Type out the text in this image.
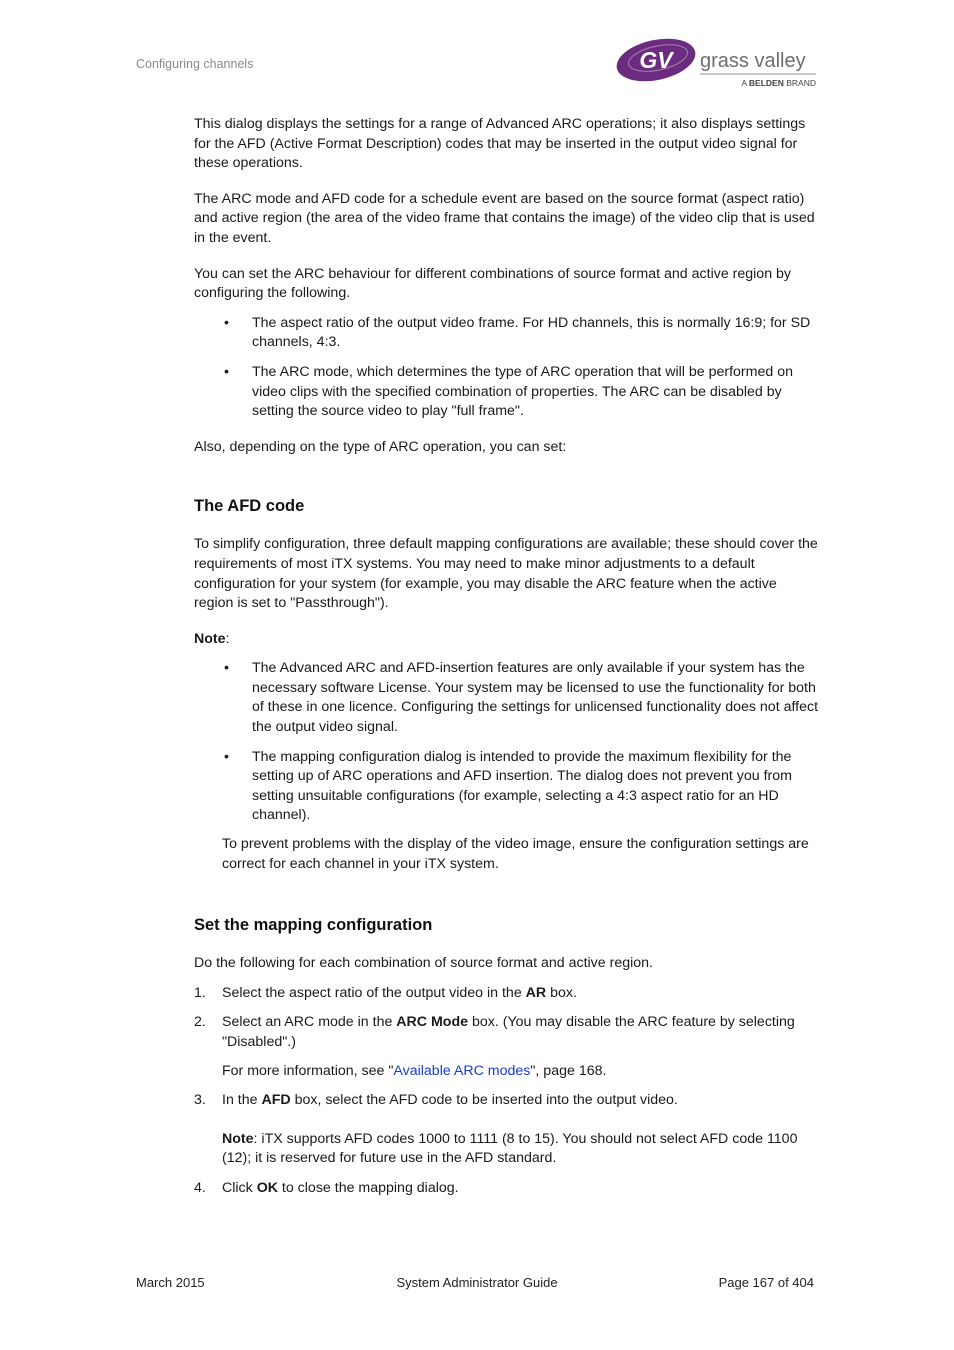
Configuring channels	GV grass valley
A BELDEN BRAND

This dialog displays the settings for a range of Advanced ARC operations; it also displays settings for the AFD (Active Format Description) codes that may be inserted in the output video signal for these operations.

The ARC mode and AFD code for a schedule event are based on the source format (aspect ratio) and active region (the area of the video frame that contains the image) of the video clip that is used in the event.

You can set the ARC behaviour for different combinations of source format and active region by configuring the following.

• The aspect ratio of the output video frame. For HD channels, this is normally 16:9; for SD channels, 4:3.
• The ARC mode, which determines the type of ARC operation that will be performed on video clips with the specified combination of properties. The ARC can be disabled by setting the source video to play "full frame".

Also, depending on the type of ARC operation, you can set:

The AFD code

To simplify configuration, three default mapping configurations are available; these should cover the requirements of most iTX systems. You may need to make minor adjustments to a default configuration for your system (for example, you may disable the ARC feature when the active region is set to "Passthrough").

Note:

• The Advanced ARC and AFD-insertion features are only available if your system has the necessary software License. Your system may be licensed to use the functionality for both of these in one licence. Configuring the settings for unlicensed functionality does not affect the output video signal.
• The mapping configuration dialog is intended to provide the maximum flexibility for the setting up of ARC operations and AFD insertion. The dialog does not prevent you from setting unsuitable configurations (for example, selecting a 4:3 aspect ratio for an HD channel).

To prevent problems with the display of the video image, ensure the configuration settings are correct for each channel in your iTX system.

Set the mapping configuration

Do the following for each combination of source format and active region.

1. Select the aspect ratio of the output video in the AR box.
2. Select an ARC mode in the ARC Mode box. (You may disable the ARC feature by selecting "Disabled".)

For more information, see "Available ARC modes", page 168.

3. In the AFD box, select the AFD code to be inserted into the output video.

Note: iTX supports AFD codes 1000 to 1111 (8 to 15). You should not select AFD code 1100 (12); it is reserved for future use in the AFD standard.

4. Click OK to close the mapping dialog.
March 2015	System Administrator Guide	Page 167 of 404
